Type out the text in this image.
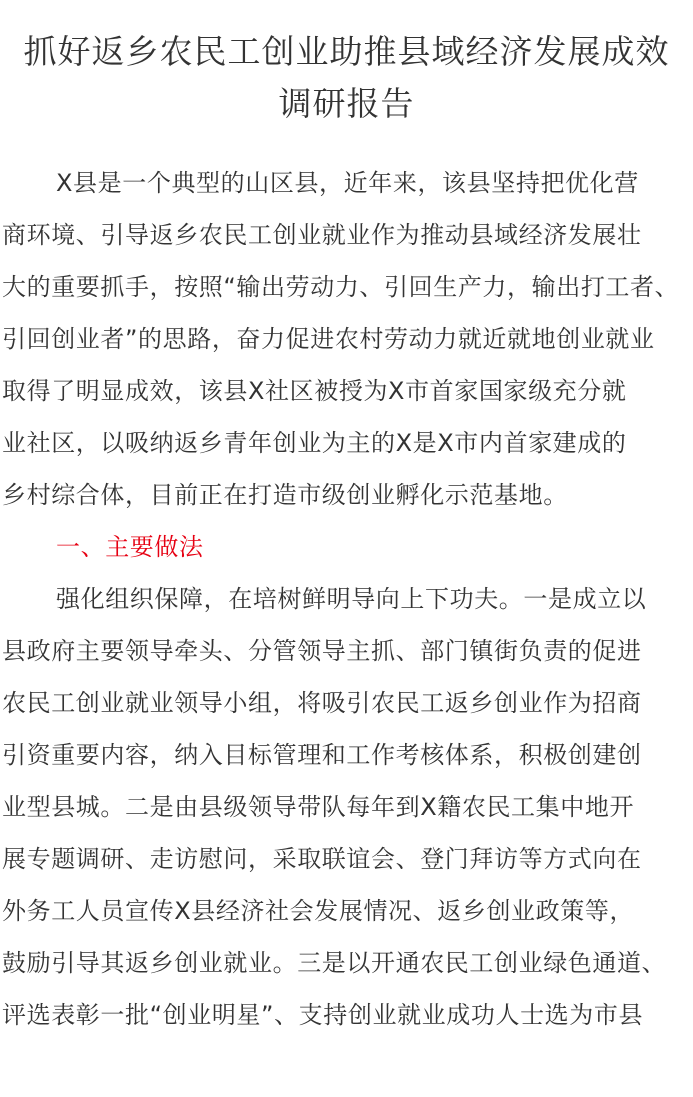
抓好返乡农民工创业助推县域经济发展成效
调研报告
X县是一个典型的山区县，近年来，该县坚持把优化营
商环境、引导返乡农民工创业就业作为推动县域经济发展壮
大的重要抓手，按照“输出劳动力、引回生产力，输出打工者、
引回创业者”的思路，奋力促进农村劳动力就近就地创业就业
取得了明显成效，该县X社区被授为X市首家国家级充分就
业社区，以吸纳返乡青年创业为主的X是X市内首家建成的
乡村综合体，目前正在打造市级创业孵化示范基地。
一、主要做法
强化组织保障，在培树鲜明导向上下功夫。一是成立以
县政府主要领导牵头、分管领导主抓、部门镇街负责的促进
农民工创业就业领导小组，将吸引农民工返乡创业作为招商
引资重要内容，纳入目标管理和工作考核体系，积极创建创
业型县城。二是由县级领导带队每年到X籍农民工集中地开
展专题调研、走访慰问，采取联谊会、登门拜访等方式向在
外务工人员宣传X县经济社会发展情况、返乡创业政策等，
鼓励引导其返乡创业就业。三是以开通农民工创业绿色通道、
评选表彰一批“创业明星”、支持创业就业成功人士选为市县
